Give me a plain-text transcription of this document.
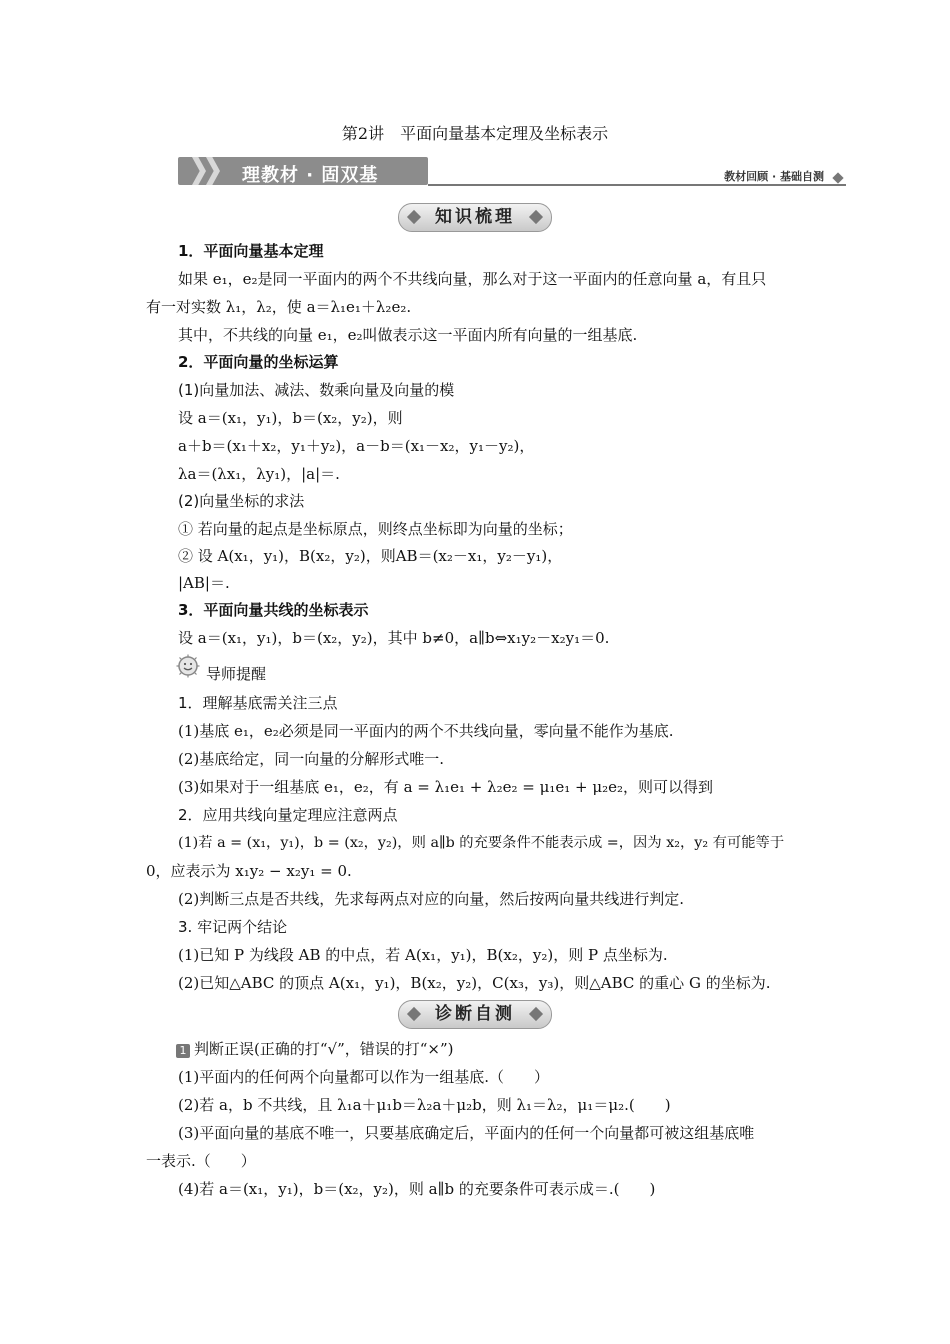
第2讲　平面向量基本定理及坐标表示
理教材 · 固双基	教材回顾 · 基础自测
知识梳理
1．平面向量基本定理
如果 e₁，e₂是同一平面内的两个不共线向量，那么对于这一平面内的任意向量 a，有且只
有一对实数 λ₁，λ₂，使 a＝λ₁e₁＋λ₂e₂.
其中，不共线的向量 e₁，e₂叫做表示这一平面内所有向量的一组基底.
2．平面向量的坐标运算
(1)向量加法、减法、数乘向量及向量的模
设 a＝(x₁，y₁)，b＝(x₂，y₂)，则
a＋b＝(x₁＋x₂，y₁＋y₂)，a－b＝(x₁－x₂，y₁－y₂)，
λa＝(λx₁，λy₁)，|a|＝.
(2)向量坐标的求法
① 若向量的起点是坐标原点，则终点坐标即为向量的坐标；
② 设 A(x₁，y₁)，B(x₂，y₂)，则AB＝(x₂－x₁，y₂－y₁)，
|AB|＝.
3．平面向量共线的坐标表示
设 a＝(x₁，y₁)，b＝(x₂，y₂)，其中 b≠0，a∥b⇔x₁y₂－x₂y₁＝0.
导师提醒
1．理解基底需关注三点
(1)基底 e₁，e₂必须是同一平面内的两个不共线向量，零向量不能作为基底.
(2)基底给定，同一向量的分解形式唯一.
(3)如果对于一组基底 e₁，e₂，有 a = λ₁e₁ + λ₂e₂ = μ₁e₁ + μ₂e₂，则可以得到
2．应用共线向量定理应注意两点
(1)若 a = (x₁，y₁)，b = (x₂，y₂)，则 a∥b 的充要条件不能表示成 =，因为 x₂，y₂ 有可能等于
0，应表示为 x₁y₂ − x₂y₁ = 0.
(2)判断三点是否共线，先求每两点对应的向量，然后按两向量共线进行判定.
3. 牢记两个结论
(1)已知 P 为线段 AB 的中点，若 A(x₁，y₁)，B(x₂，y₂)，则 P 点坐标为.
(2)已知△ABC 的顶点 A(x₁，y₁)，B(x₂，y₂)，C(x₃，y₃)，则△ABC 的重心 G 的坐标为.
诊断自测
1 判断正误(正确的打“√”，错误的打“×”)
(1)平面内的任何两个向量都可以作为一组基底.（　　）
(2)若 a，b 不共线，且 λ₁a＋μ₁b＝λ₂a＋μ₂b，则 λ₁＝λ₂，μ₁＝μ₂.(　　)
(3)平面向量的基底不唯一，只要基底确定后，平面内的任何一个向量都可被这组基底唯
一表示.（　　）
(4)若 a＝(x₁，y₁)，b＝(x₂，y₂)，则 a∥b 的充要条件可表示成＝.(　　)
